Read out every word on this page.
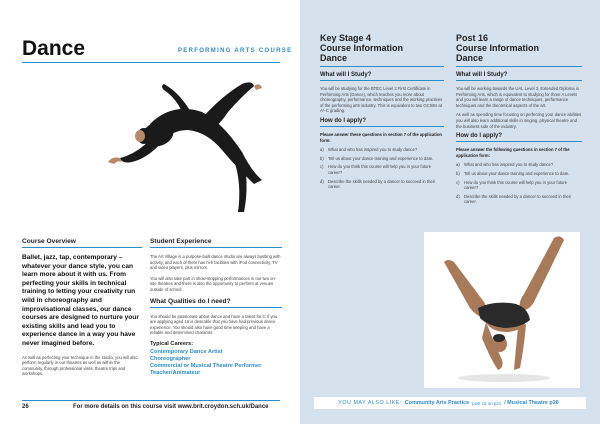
Dance	PERFORMING ARTS COURSE
Course Overview
Ballet, jazz, tap, contemporary – whatever your dance style, you can learn more about it with us. From perfecting your skills in technical training to letting your creativity run wild in choreography and improvisational classes, our dance courses are designed to nurture your existing skills and lead you to experience dance in a way you have never imagined before.
As well as perfecting your technique in the studio, you will also perform regularly in our theatres as well as within the community, through professional visits, theatre trips and workshops.
Student Experience
The Art Village is a purpose-built dance studio are always bustling with activity, and each of them has hi-fi facilities with iPod connectivity, TV and video players, plus mirrors.
You will also take part in show-stopping performances in our two on-site theatres and there is also the opportunity to perform at venues outside of school.
What Qualities do I need?
You should be passionate about dance and have a talent for it. If you are applying aged 16 is desirable that you have had previous dance experience. You should also have good time keeping and have a reliable and determined character.
Typical Careers:
Contemporary Dance Artist
Choreographer
Commercial or Musical Theatre Performer
Teacher/Animateur
26	For more details on this course visit www.brit.croydon.sch.uk/Dance
Key Stage 4
Course Information
Dance
Post 16
Course Information
Dance
What will I Study?
You will be studying for the BTEC Level 2 First Certificate in Performing Arts (Dance), which teaches you more about choreography, performance, techniques and the working practices of the performing arts industry. This is equivalent to two GCSEs at A*-C grading.
How do I apply?
Please answer these questions in section 7 of the application form:
a)	What and who has inspired you to study dance?
b)	Tell us about your dance training and experience to date.
c)	How do you think this course will help you in your future career?
d)	Describe the skills needed by a dancer to succeed in their career.
What will I Study?
You will be working towards the UAL Level 3, Extended Diploma in Performing Arts, which is equivalent to studying for three A Levels and you will learn a range of dance techniques, performance techniques and the theoretical aspects of the art.
As well as spending time focusing on perfecting your dance abilities you will also learn additional skills in singing, physical theatre and the business side of the industry.
How do I apply?
Please answer the following questions in section 7 of the application form:
a)	What and who has inspired you to study dance?
b)	Tell us about your dance training and experience to date.
c)	How do you think this course will help you in your future career?
d)	Describe the skills needed by a dancer to succeed in their career.
YOU MAY ALSO LIKE: Community Arts Practice post 16 on p21 / Musical Theatre p26
